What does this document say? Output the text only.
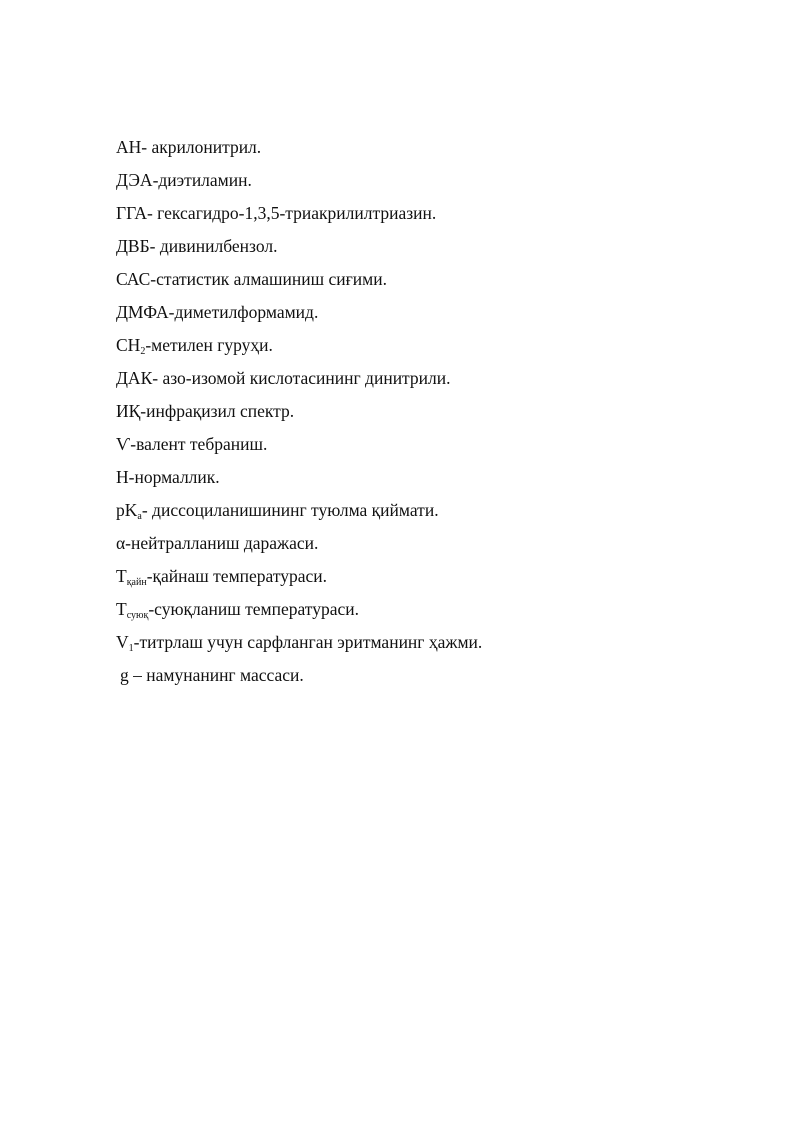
АН- акрилонитрил.
ДЭА-диэтиламин.
ГГА- гексагидро-1,3,5-триакрилилтриазин.
ДВБ- дивинилбензол.
САС-статистик алмашиниш сиғими.
ДМФА-диметилформамид.
$CH_2$-метилен гуруҳи.
ДАК- азо-изомой кислотасининг динитрили.
ИҚ-инфрақизил спектр.
Ѵ-валент тебраниш.
Н-нормаллик.
$pK_a-$ диссоциланишининг туюлма қиймати.
α-нейтралланиш даражаси.
$T_{қайн}$-қайнаш температураси.
$T_{суюқ}$-суюқланиш температураси.
$V_1$-титрлаш учун сарфланган эритманинг ҳажми.
g – намунанинг массаси.
